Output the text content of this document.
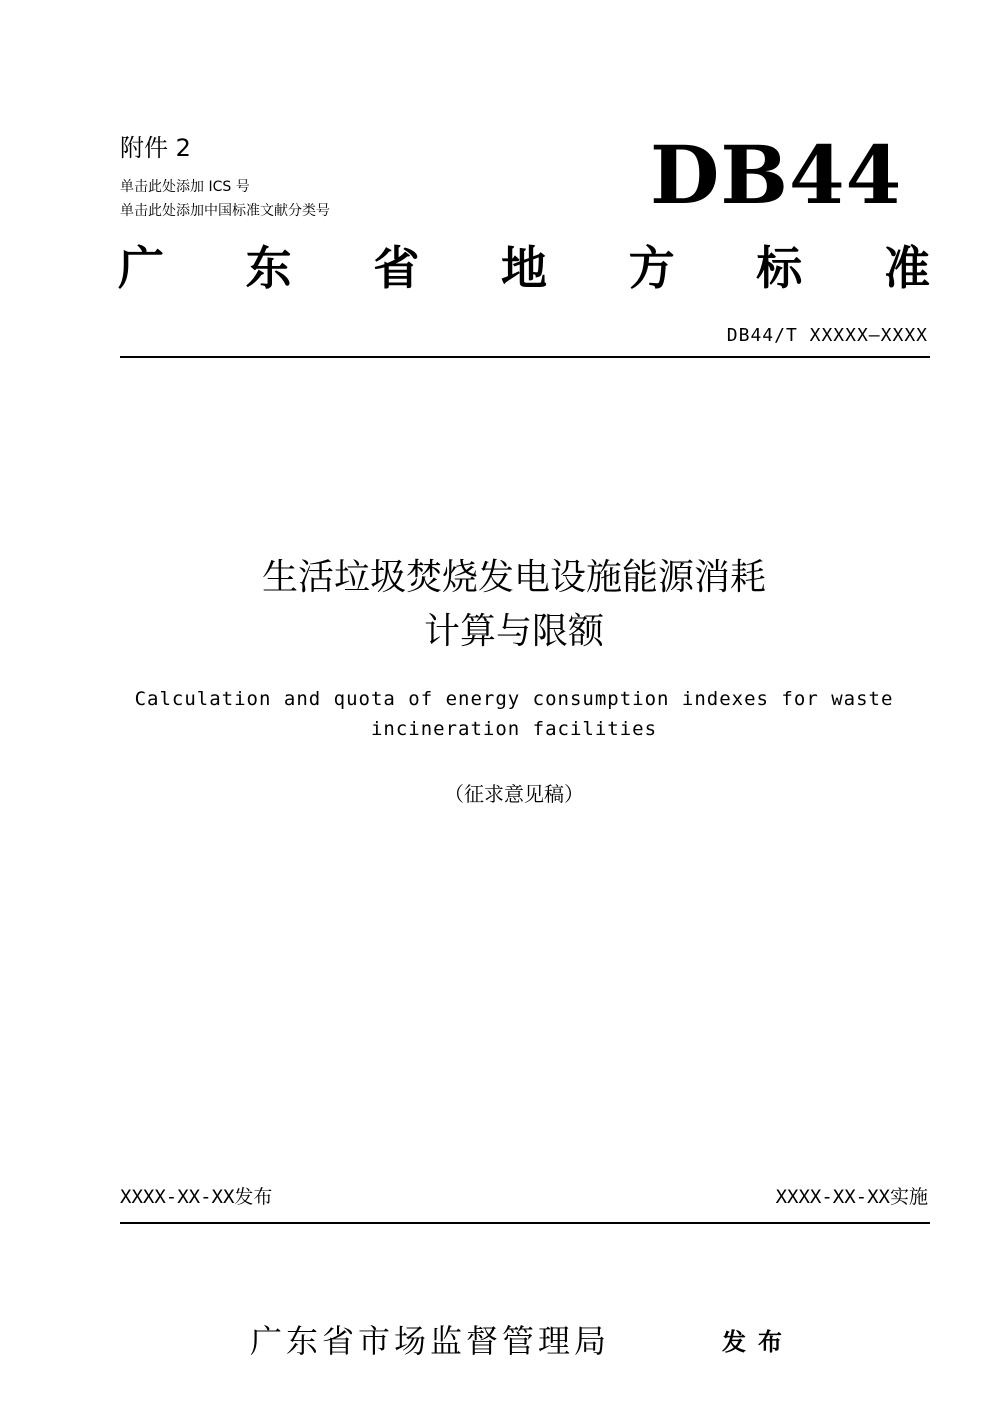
附件 2

单击此处添加 ICS 号

单击此处添加中国标准文献分类号	DB44
广 东 省 地 方 标 准
DB44/T XXXXX—XXXX
生活垃圾焚烧发电设施能源消耗
计算与限额

Calculation and quota of energy consumption indexes for waste

incineration facilities

（征求意见稿）

XXXX-XX-XX发布	XXXX-XX-XX实施
广东省市场监督管理局	发布
